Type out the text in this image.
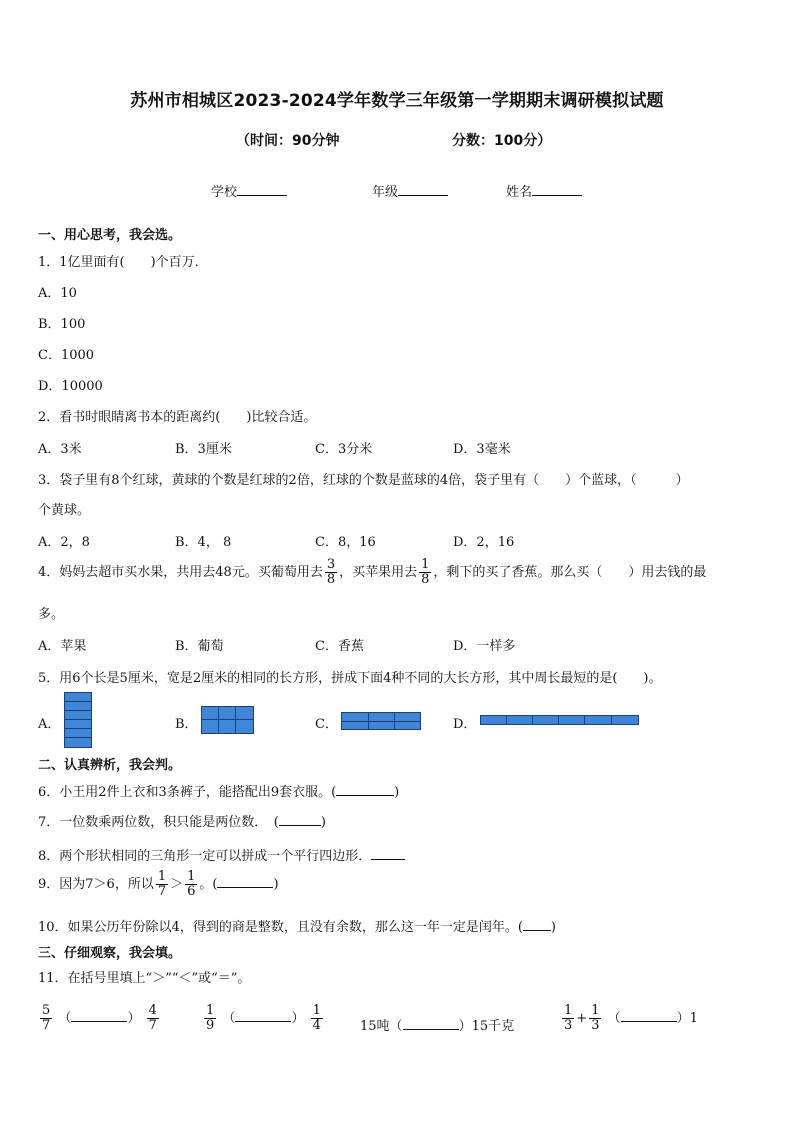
苏州市相城区2023-2024学年数学三年级第一学期期末调研模拟试题
（时间：90分钟	分数：100分）
学校	年级	姓名
一、用心思考，我会选。
1．1亿里面有(　　)个百万．
A．10
B．100
C．1000
D．10000
2．看书时眼睛离书本的距离约(　　)比较合适。
A．3米	B．3厘米	C．3分米	D．3毫米
3．袋子里有8个红球，黄球的个数是红球的2倍，红球的个数是蓝球的4倍，袋子里有（　　）个蓝球，（　　　）
个黄球。
A．2，8	B．4， 8	C．8，16	D．2，16
4．妈妈去超市买水果，共用去48元。买葡萄用去 $\frac{3}{8}$ ，买苹果用去 $\frac{1}{8}$ ，剩下的买了香蕉。那么买（　　）用去钱的最
多。
A．苹果	B．葡萄	C．香蕉	D．一样多
5．用6个长是5厘米，宽是2厘米的相同的长方形，拼成下面4种不同的大长方形，其中周长最短的是(　　)。
A．	B．	C．	D．
二、认真辨析，我会判。
6．小王用2件上衣和3条裤子，能搭配出9套衣服。(	)
7．一位数乘两位数，积只能是两位数．　(	)
8．两个形状相同的三角形一定可以拼成一个平行四边形．
9．因为7＞6，所以 $\frac{1}{7} > \frac{1}{6}$ 。(	)
10．如果公历年份除以4，得到的商是整数，且没有余数，那么这一年一定是闰年。( )
三、仔细观察，我会填。
11．在括号里填上“＞”“＜”或“＝”。
$\frac{5}{7}$ （	） $\frac{4}{7}$	$\frac{1}{9}$ （	） $\frac{1}{4}$	15吨（	）15千克	$\frac{1}{3} + \frac{1}{3}$ （	）1
